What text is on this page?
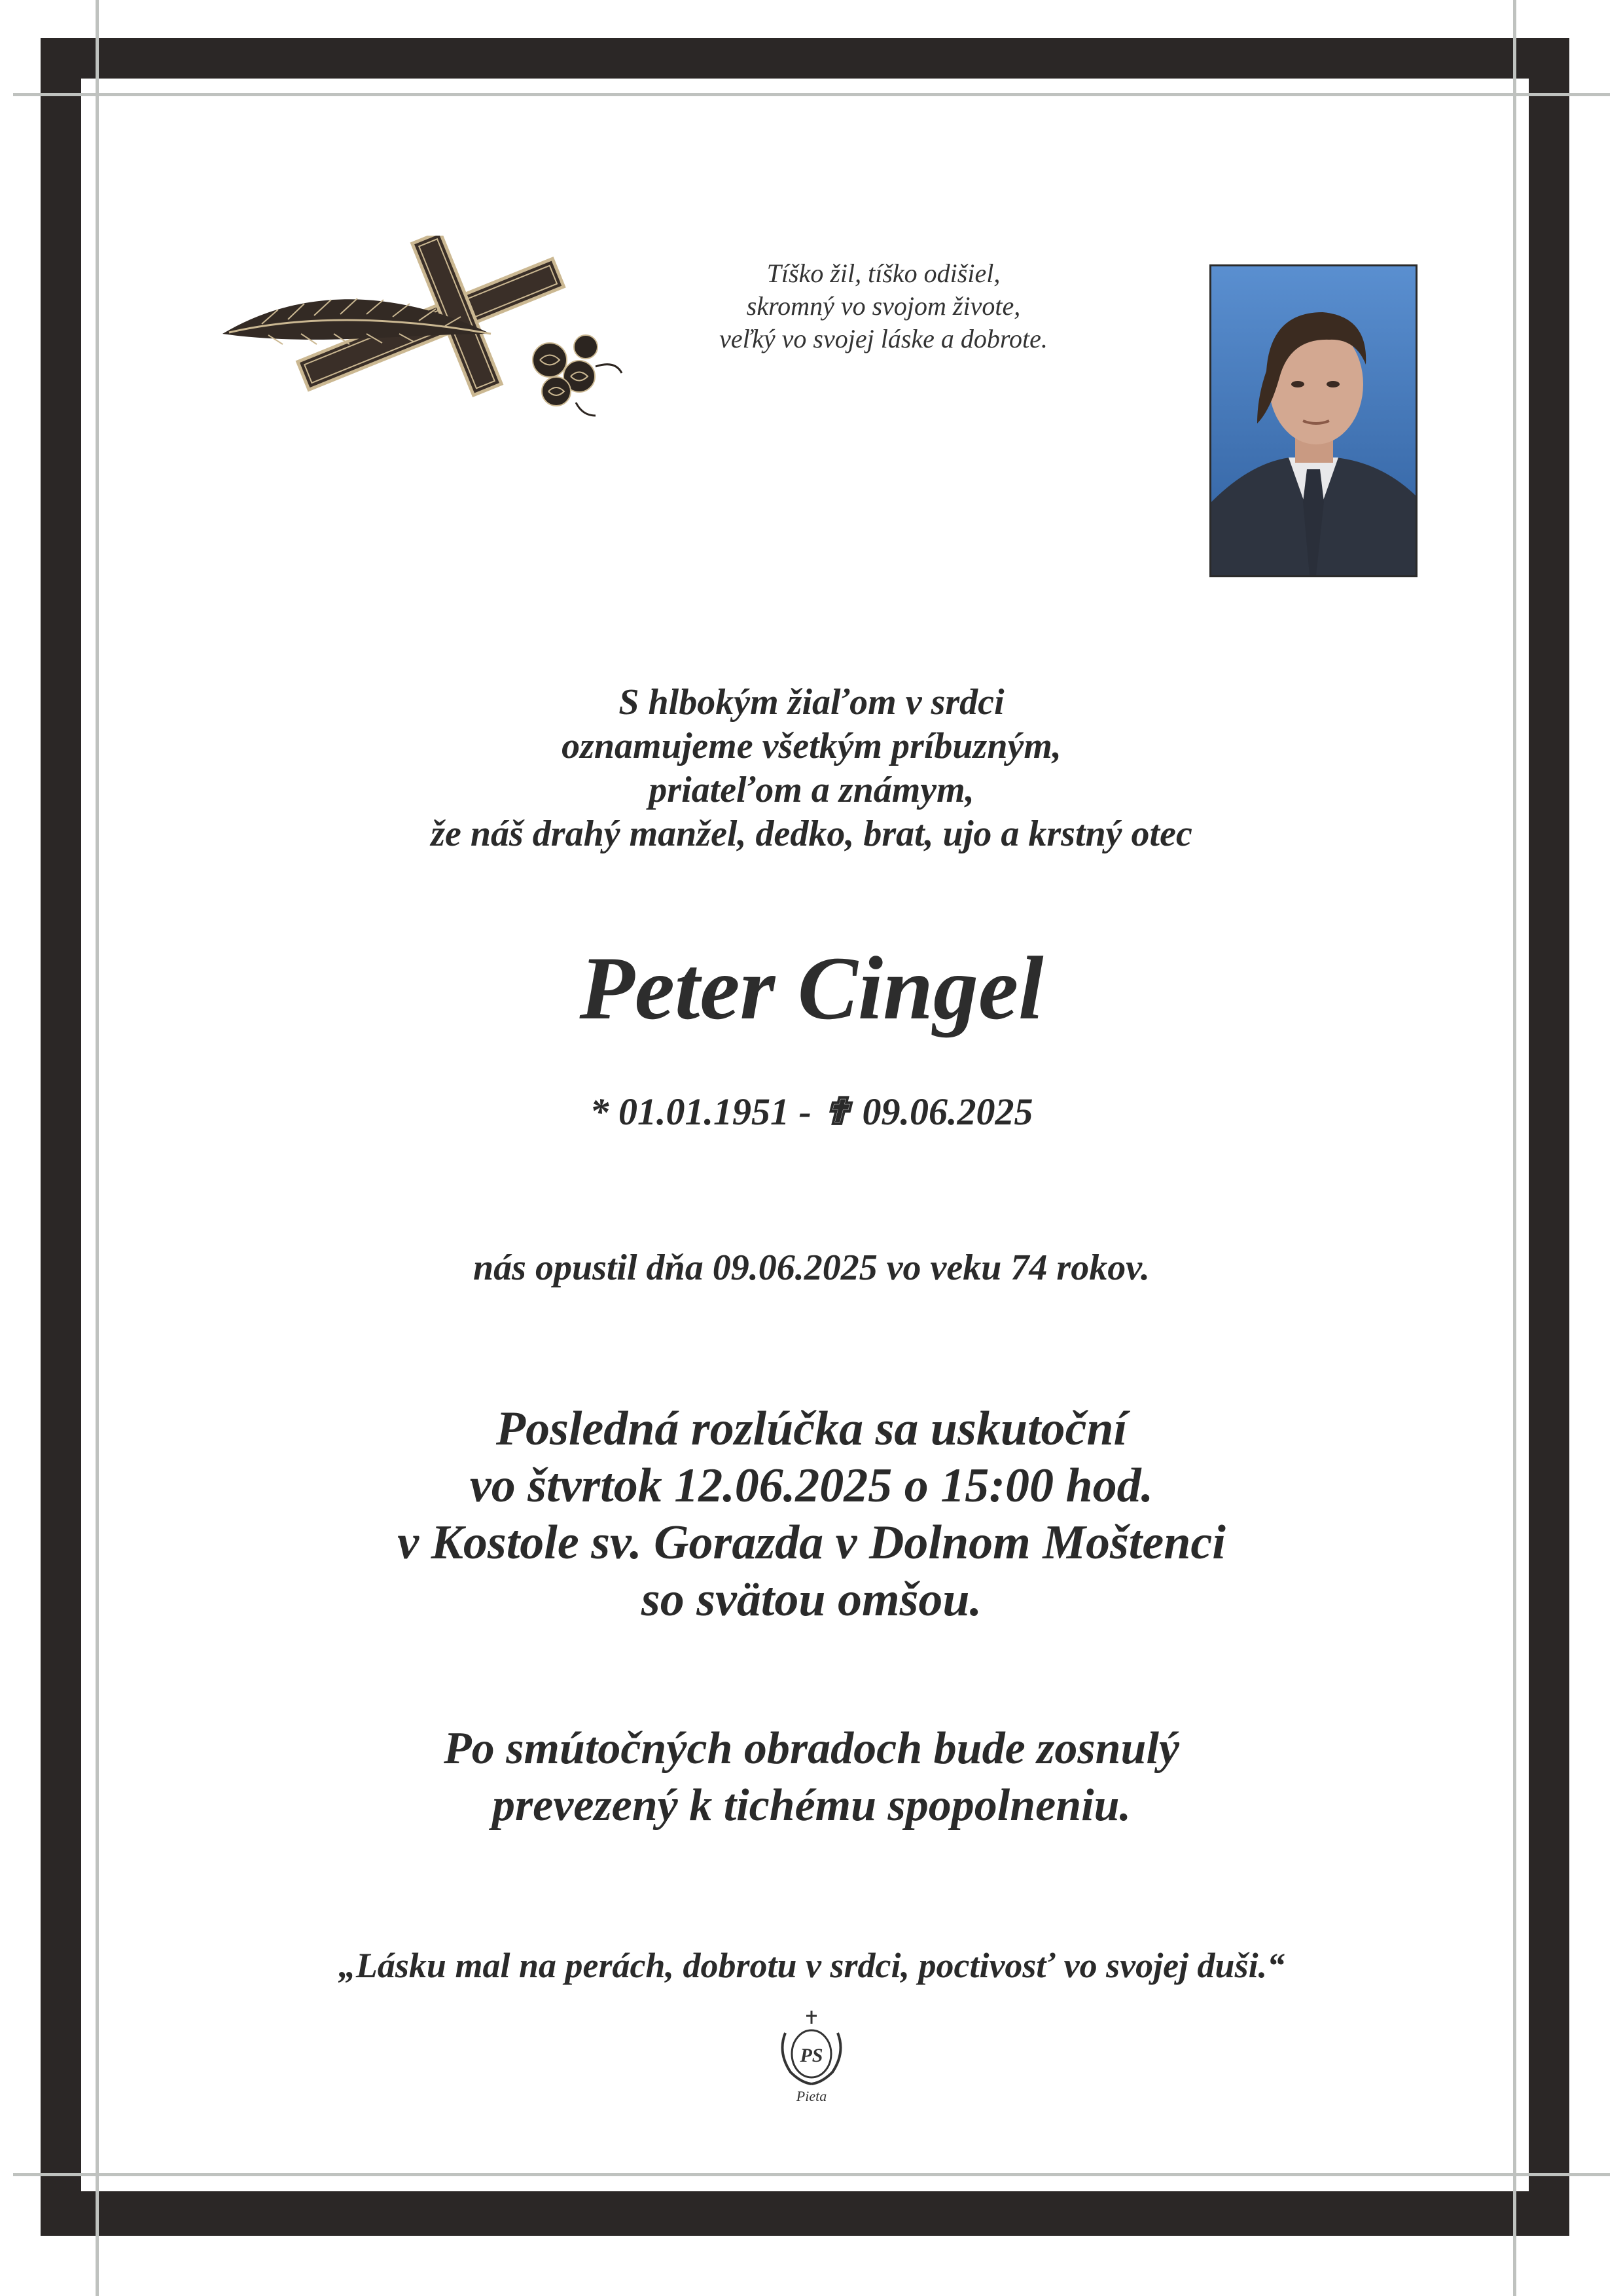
Tíško žil, tíško odišiel,
skromný vo svojom živote,
veľký vo svojej láske a dobrote.
S hlbokým žiaľom v srdci
oznamujeme všetkým príbuzným,
priateľom a známym,
že náš drahý manžel, dedko, brat, ujo a krstný otec
Peter Cingel
* 01.01.1951 - ✟ 09.06.2025
nás opustil dňa 09.06.2025 vo veku 74 rokov.
Posledná rozlúčka sa uskutoční
vo štvrtok 12.06.2025 o 15:00 hod.
v Kostole sv. Gorazda v Dolnom Moštenci
so svätou omšou.
Po smútočných obradoch bude zosnulý
prevezený k tichému spopolneniu.
„Lásku mal na perách, dobrotu v srdci, poctivosť vo svojej duši.“
PS
Pieta
